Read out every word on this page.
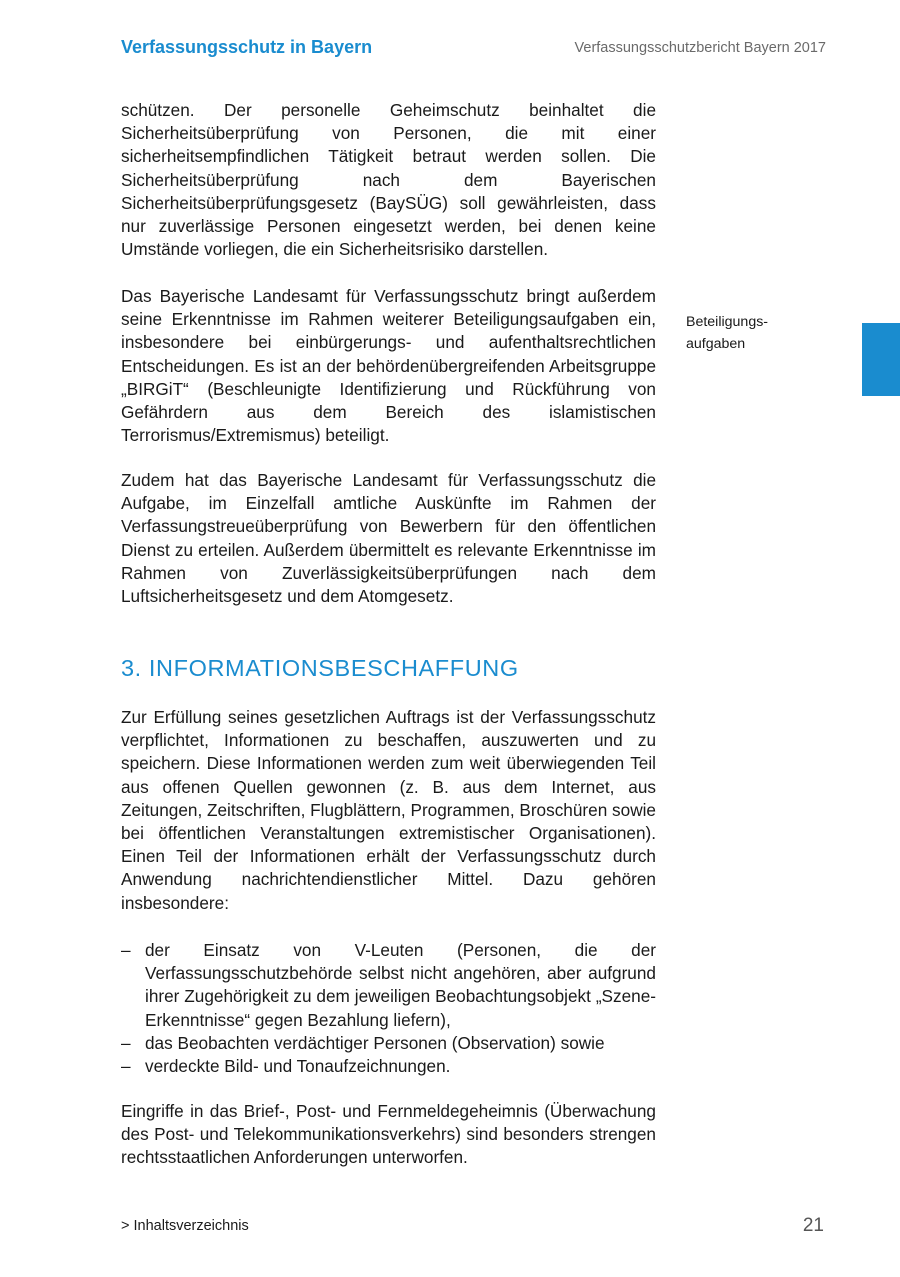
Verfassungsschutz in Bayern	Verfassungsschutzbericht Bayern 2017

schützen. Der personelle Geheimschutz beinhaltet die Sicherheitsüberprüfung von Personen, die mit einer sicherheitsempfindlichen Tätigkeit betraut werden sollen. Die Sicherheitsüberprüfung nach dem Bayerischen Sicherheitsüberprüfungsgesetz (BaySÜG) soll gewährleisten, dass nur zuverlässige Personen eingesetzt werden, bei denen keine Umstände vorliegen, die ein Sicherheitsrisiko darstellen.

Das Bayerische Landesamt für Verfassungsschutz bringt außerdem seine Erkenntnisse im Rahmen weiterer Beteiligungsaufgaben ein, insbesondere bei einbürgerungs- und aufenthaltsrechtlichen Entscheidungen. Es ist an der behördenübergreifenden Arbeitsgruppe „BIRGiT“ (Beschleunigte Identifizierung und Rückführung von Gefährdern aus dem Bereich des islamistischen Terrorismus/Extremismus) beteiligt.

Zudem hat das Bayerische Landesamt für Verfassungsschutz die Aufgabe, im Einzelfall amtliche Auskünfte im Rahmen der Verfassungstreueüberprüfung von Bewerbern für den öffentlichen Dienst zu erteilen. Außerdem übermittelt es relevante Erkenntnisse im Rahmen von Zuverlässigkeitsüberprüfungen nach dem Luftsicherheitsgesetz und dem Atomgesetz.

Beteiligungs-
aufgaben
3. INFORMATIONSBESCHAFFUNG

Zur Erfüllung seines gesetzlichen Auftrags ist der Verfassungsschutz verpflichtet, Informationen zu beschaffen, auszuwerten und zu speichern. Diese Informationen werden zum weit überwiegenden Teil aus offenen Quellen gewonnen (z. B. aus dem Internet, aus Zeitungen, Zeitschriften, Flugblättern, Programmen, Broschüren sowie bei öffentlichen Veranstaltungen extremistischer Organisationen). Einen Teil der Informationen erhält der Verfassungsschutz durch Anwendung nachrichtendienstlicher Mittel. Dazu gehören insbesondere:

– der Einsatz von V-Leuten (Personen, die der Verfassungsschutzbehörde selbst nicht angehören, aber aufgrund ihrer Zugehörigkeit zu dem jeweiligen Beobachtungsobjekt „Szene-Erkenntnisse“ gegen Bezahlung liefern),
– das Beobachten verdächtiger Personen (Observation) sowie
– verdeckte Bild- und Tonaufzeichnungen.

Eingriffe in das Brief-, Post- und Fernmeldegeheimnis (Überwachung des Post- und Telekommunikationsverkehrs) sind besonders strengen rechtsstaatlichen Anforderungen unterworfen.

> Inhaltsverzeichnis	21
